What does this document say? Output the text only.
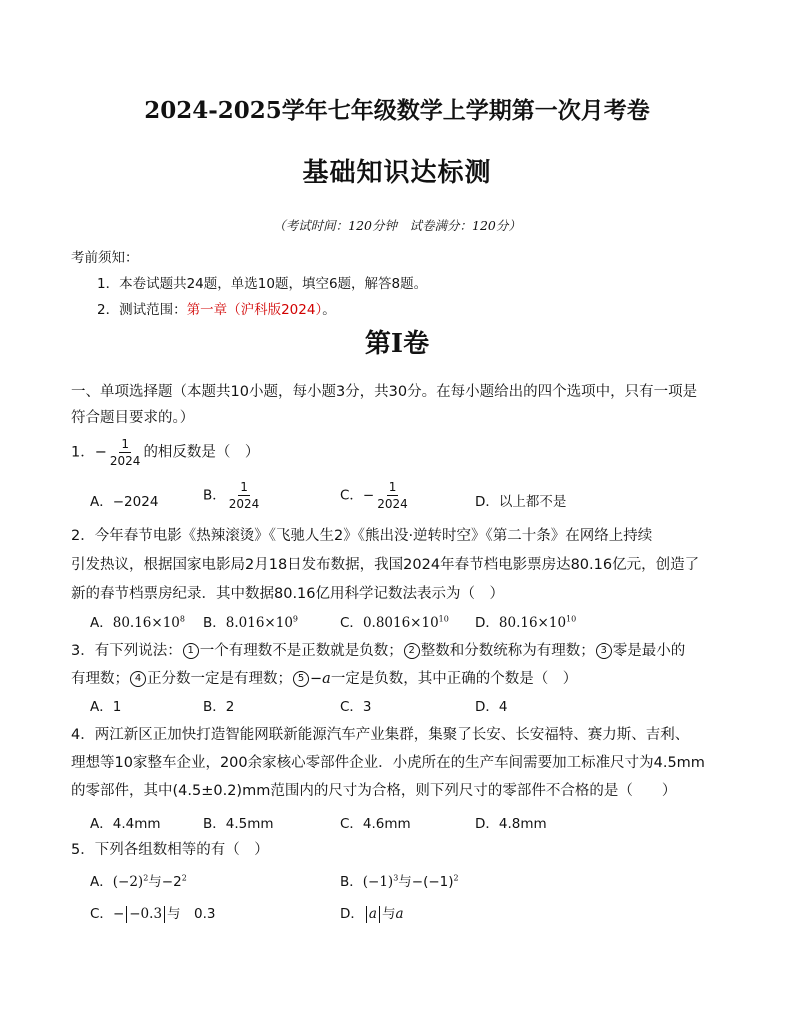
2024-2025学年七年级数学上学期第一次月考卷
基础知识达标测
（考试时间：120分钟　试卷满分：120分）
考前须知：
1．本卷试题共24题，单选10题，填空6题，解答8题。
2．测试范围：第一章（沪科版2024）。
第Ⅰ卷
一、单项选择题（本题共10小题，每小题3分，共30分。在每小题给出的四个选项中，只有一项是
符合题目要求的。）
1．− $\frac{1}{2024}$ 的相反数是（　）
A．−2024	B． $\frac{1}{2024}$	C．− $\frac{1}{2024}$	D．以上都不是
2．今年春节电影《热辣滚烫》《飞驰人生2》《熊出没·逆转时空》《第二十条》在网络上持续
引发热议，根据国家电影局2月18日发布数据，我国2024年春节档电影票房达80.16亿元，创造了
新的春节档票房纪录．其中数据80.16亿用科学记数法表示为（　）
A．$80.16\times 10^8$ B．$8.016\times 10^9$	C．$0.8016\times 10^{10}$ D．$80.16\times 10^{10}$
3．有下列说法： 1 一个有理数不是正数就是负数； 2 整数和分数统称为有理数； 3 零是最小的
有理数； 4 正分数一定是有理数； 5 −a一定是负数，其中正确的个数是（　）
A．1	B．2	C．3	D．4
4．两江新区正加快打造智能网联新能源汽车产业集群，集聚了长安、长安福特、赛力斯、吉利、
理想等10家整车企业，200余家核心零部件企业．小虎所在的生产车间需要加工标准尺寸为4.5mm
的零部件，其中(4.5±0.2)mm范围内的尺寸为合格，则下列尺寸的零部件不合格的是（　　）
A．4.4mm	B．4.5mm	C．4.6mm	D．4.8mm
5．下列各组数相等的有（　）
A．$(-2)^2$与$-2^2$	B．$(-1)^3$与$-(-1)^2$
C．− −0.3 与　0.3	D． a 与a
